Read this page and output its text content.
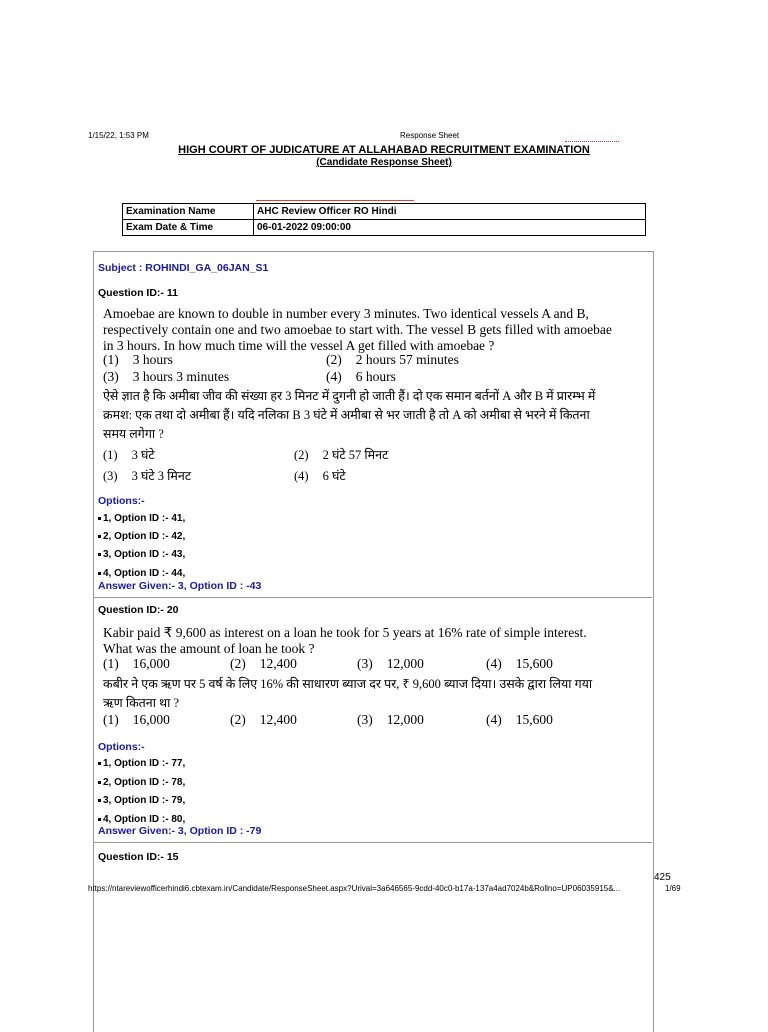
1/15/22, 1:53 PM	Response Sheet
HIGH COURT OF JUDICATURE AT ALLAHABAD RECRUITMENT EXAMINATION
(Candidate Response Sheet)
Examination Name	AHC Review Officer RO Hindi
Exam Date & Time	06-01-2022 09:00:00
Subject : ROHINDI_GA_06JAN_S1
Question ID:- 11
Amoebae are known to double in number every 3 minutes. Two identical vessels A and B,
respectively contain one and two amoebae to start with. The vessel B gets filled with amoebae
in 3 hours. In how much time will the vessel A get filled with amoebae ?
(1) 3 hours	(2) 2 hours 57 minutes
(3) 3 hours 3 minutes	(4) 6 hours
ऐसे ज्ञात है कि अमीबा जीव की संख्या हर 3 मिनट में दुगनी हो जाती हैं। दो एक समान बर्तनों A और B में प्रारम्भ में
क्रमश: एक तथा दो अमीबा हैं। यदि नलिका B 3 घंटे में अमीबा से भर जाती है तो A को अमीबा से भरने में कितना
समय लगेगा ?
(1) 3 घंटे	(2) 2 घंटे 57 मिनट
(3) 3 घंटे 3 मिनट	(4) 6 घंटे
Options:-
1, Option ID :- 41,
2, Option ID :- 42,
3, Option ID :- 43,
4, Option ID :- 44,
Answer Given:- 3, Option ID : -43
Question ID:- 20
Kabir paid ₹ 9,600 as interest on a loan he took for 5 years at 16% rate of simple interest.
What was the amount of loan he took ?
(1) 16,000	(2) 12,400	(3) 12,000	(4) 15,600
कबीर ने एक ऋण पर 5 वर्ष के लिए 16% की साधारण ब्याज दर पर, ₹ 9,600 ब्याज दिया। उसके द्वारा लिया गया
ऋण कितना था ?
(1) 16,000	(2) 12,400	(3) 12,000	(4) 15,600
Options:-
1, Option ID :- 77,
2, Option ID :- 78,
3, Option ID :- 79,
4, Option ID :- 80,
Answer Given:- 3, Option ID : -79
Question ID:- 15
425
https://ntareviewofficerhindi6.cbtexam.in/Candidate/ResponseSheet.aspx?Urival=3a646565-9cdd-40c0-b17a-137a4ad7024b&Rollno=UP06035915&...	1/69
